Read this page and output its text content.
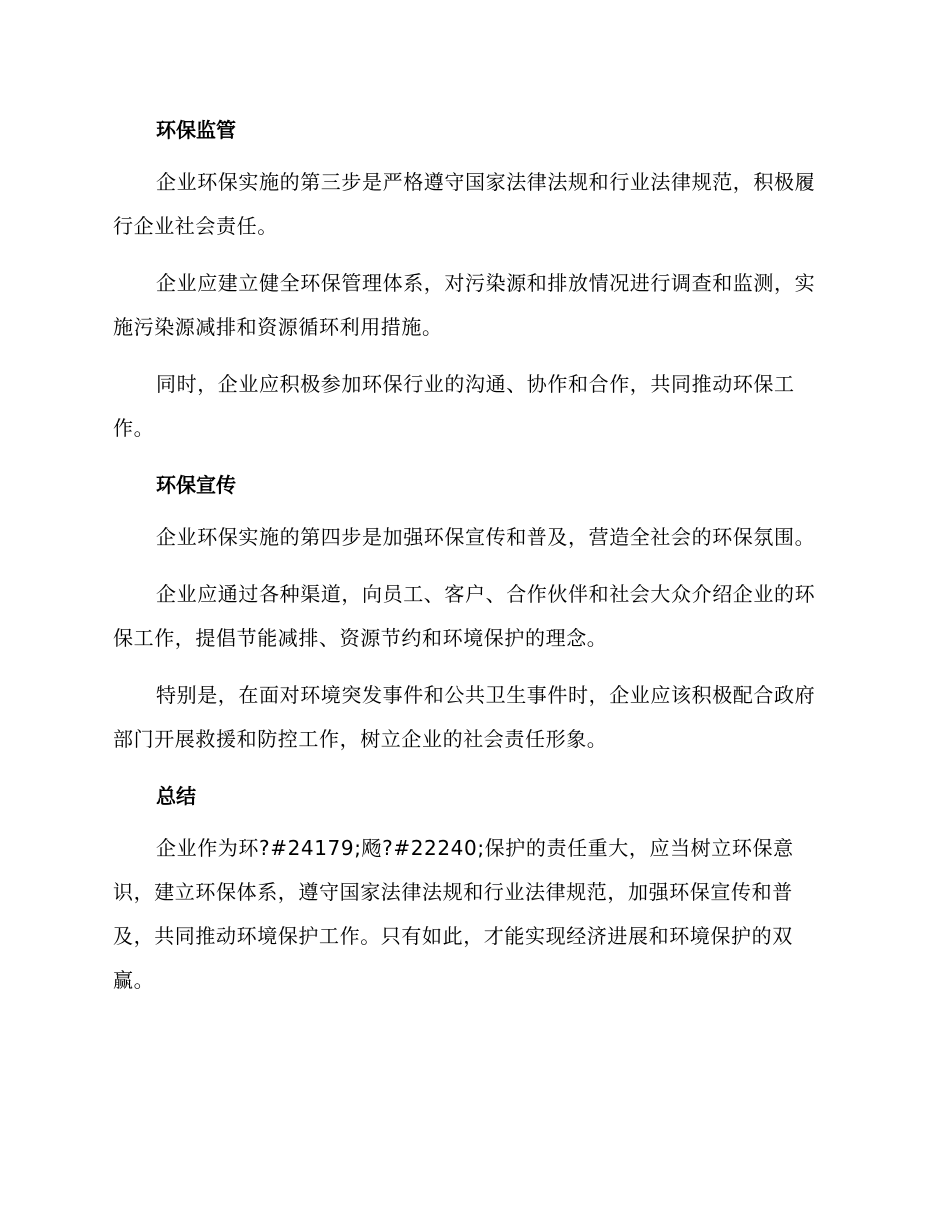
环保监管

企业环保实施的第三步是严格遵守国家法律法规和行业法律规范，积极履行企业社会责任。

企业应建立健全环保管理体系，对污染源和排放情况进行调查和监测，实施污染源减排和资源循环利用措施。

同时，企业应积极参加环保行业的沟通、协作和合作，共同推动环保工作。

环保宣传

企业环保实施的第四步是加强环保宣传和普及，营造全社会的环保氛围。

企业应通过各种渠道，向员工、客户、合作伙伴和社会大众介绍企业的环保工作，提倡节能减排、资源节约和环境保护的理念。

特别是，在面对环境突发事件和公共卫生事件时，企业应该积极配合政府部门开展救援和防控工作，树立企业的社会责任形象。

总结

企业作为环?#24179;飏?#22240;保护的责任重大，应当树立环保意识，建立环保体系，遵守国家法律法规和行业法律规范，加强环保宣传和普及，共同推动环境保护工作。只有如此，才能实现经济进展和环境保护的双赢。
